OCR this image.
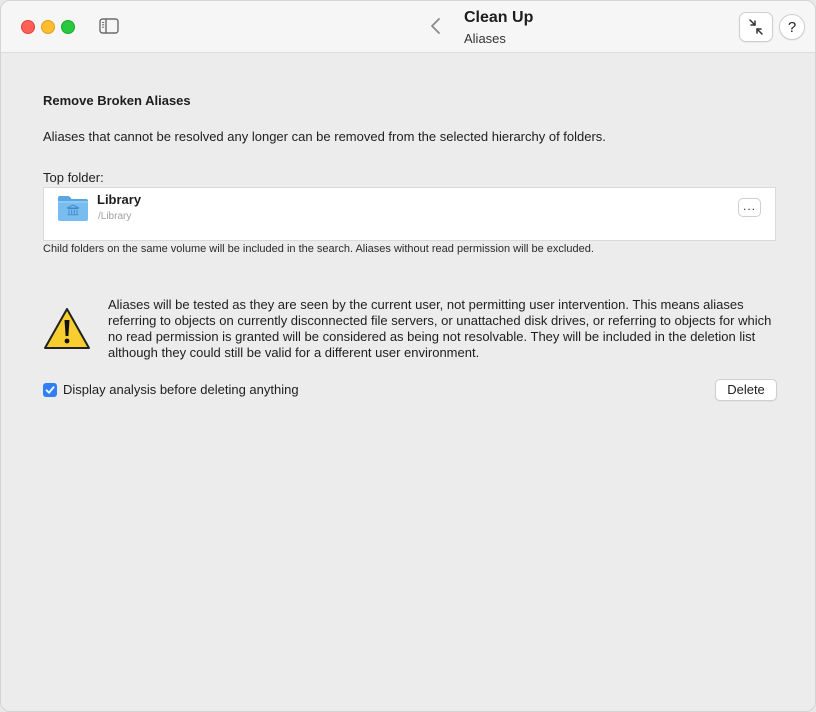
Clean Up
Aliases
?
Remove Broken Aliases
Aliases that cannot be resolved any longer can be removed from the selected hierarchy of folders.
Top folder:
Library
/Library
...
Child folders on the same volume will be included in the search. Aliases without read permission will be excluded.
Aliases will be tested as they are seen by the current user, not permitting user intervention. This means aliases referring to objects on currently disconnected file servers, or unattached disk drives, or referring to objects for which no read permission is granted will be considered as being not resolvable. They will be included in the deletion list although they could still be valid for a different user environment.
Display analysis before deleting anything	Delete
